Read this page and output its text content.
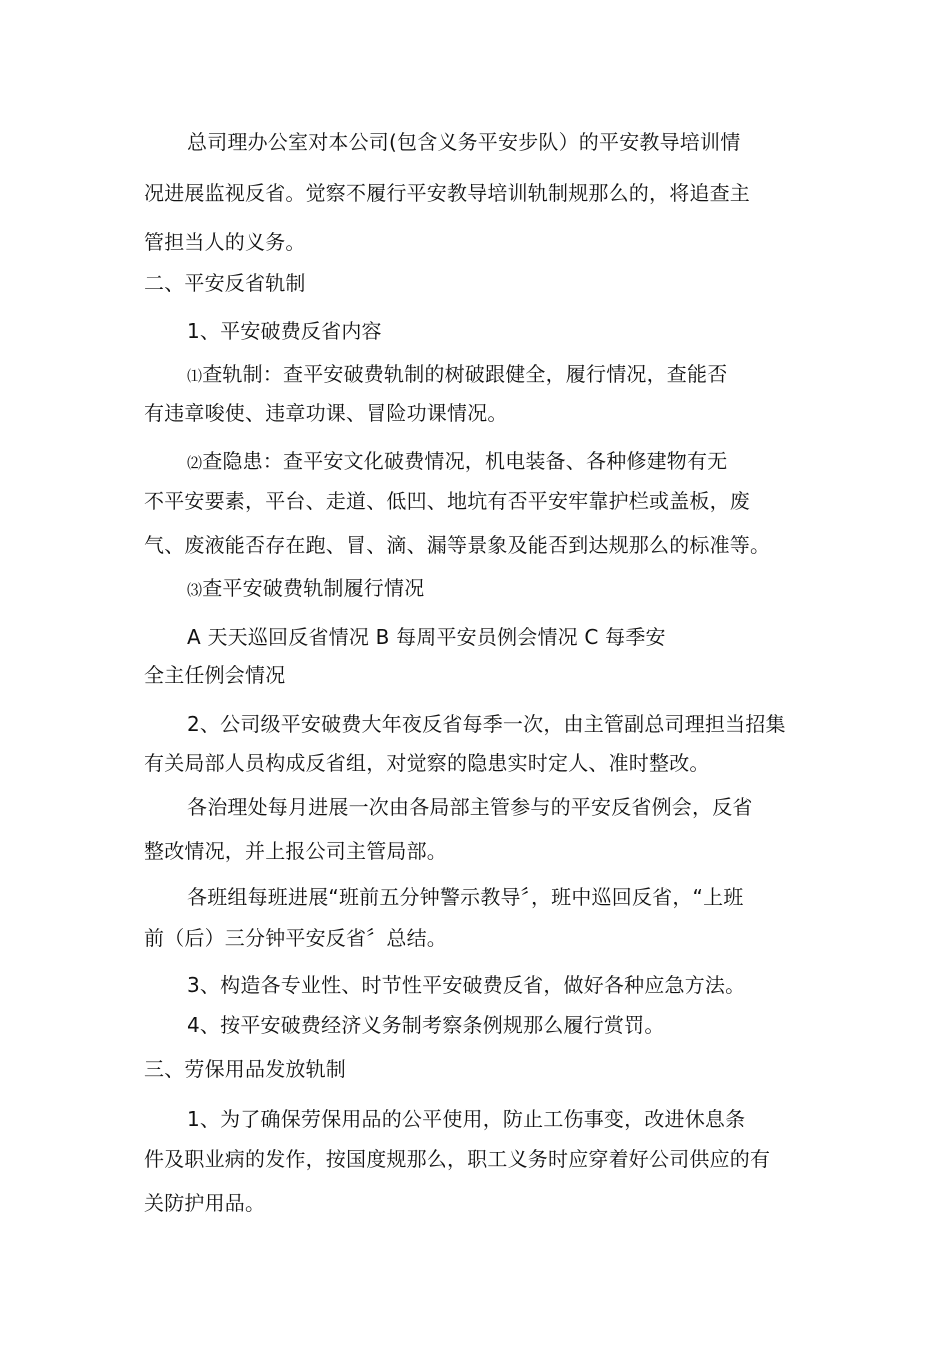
总司理办公室对本公司(包含义务平安步队）的平安教导培训情
况进展监视反省。觉察不履行平安教导培训轨制规那么的，将追查主
管担当人的义务。
二、平安反省轨制
1、平安破费反省内容
⑴查轨制：查平安破费轨制的树破跟健全，履行情况，查能否
有违章唆使、违章功课、冒险功课情况。
⑵查隐患：查平安文化破费情况，机电装备、各种修建物有无
不平安要素，平台、走道、低凹、地坑有否平安牢靠护栏或盖板，废
气、废液能否存在跑、冒、滴、漏等景象及能否到达规那么的标准等。
⑶查平安破费轨制履行情况
A 天天巡回反省情况 B 每周平安员例会情况 C 每季安
全主任例会情况
2、公司级平安破费大年夜反省每季一次，由主管副总司理担当招集
有关局部人员构成反省组，对觉察的隐患实时定人、准时整改。
各治理处每月进展一次由各局部主管参与的平安反省例会，反省
整改情况，并上报公司主管局部。
各班组每班进展“班前五分钟警示教导〞，班中巡回反省，“上班
前（后）三分钟平安反省〞总结。
3、构造各专业性、时节性平安破费反省，做好各种应急方法。
4、按平安破费经济义务制考察条例规那么履行赏罚。
三、劳保用品发放轨制
1、为了确保劳保用品的公平使用，防止工伤事变，改进休息条
件及职业病的发作，按国度规那么，职工义务时应穿着好公司供应的有
关防护用品。
